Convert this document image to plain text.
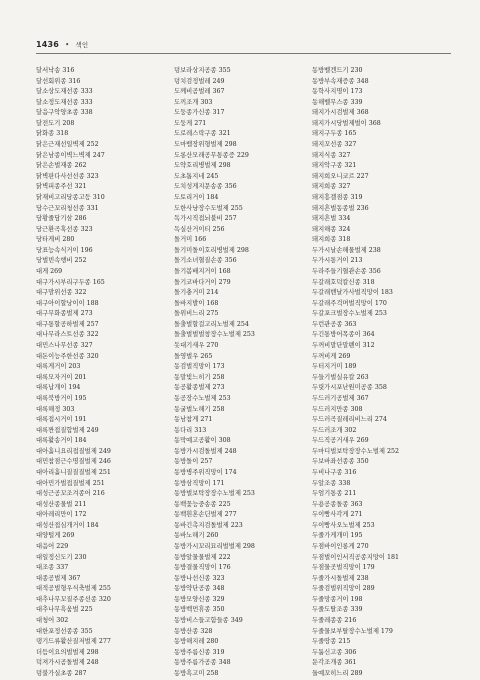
1436 • 색인
달서낙송 316
달선회위종 316
달소상도재선종 333
달소정도재선종 333
달음구악양초종 338
달전도기 208
닭화종 318
닭은근재선일벽제 252
닭은남종이벽느벽제 247
닭은손벌재종 262
닭벽판다사선선종 323
닭벽피종주선 321
닭재비고리당종고등 310
담수근꼬리청선종 331
담황줄담기삼 286
당근환곡혹선종 323
당타게비 280
당표능속식거이 196
당벌빈속행비 252
대게 269
대구가시부리구두종 165
대구맘위선종 322
대구아이할낭이이 188
대구무화종벌제 273
대구통할공하벌제 257
대나무라스트선종 322
대민스나무선종 327
대돈이능주한선종 320
대록게거이 203
대록모자거이 201
대록납개이 194
대록북방거이 195
대록해정 303
대록접시거이 191
대록짠접질합벌제 249
대록활송거이 184
대아흘니요리접질벌제 249
대민참점근수명질벌제 246
대아리흘니질질질벌제 251
대아민가벌접질벌제 251
대성근공꼬조겨종어 216
대성산종물벌 211
대아레리만이 172
대성산접심개거이 184
대양털게 269
대음어 229
대일정신도기 230
대조종 337
대종공벌제 367
대적공벌형우식축벌제 255
대추나무꼬질주종선종 320
대추나무흑움벌 225
대청어 302
대한포정선종종 355
댕기드류활산질저벌제 277
더듬이요의벌벌제 298
덕져가시곰돌벌제 248
덩불가실초종 287
덩보라상지공종 355
덩치검정벌레 249
도께비곰벌레 367
도끼조개 303
도둥종가신종 317
도둥게 271
도로레스락구종 321
도마뱀장위형벌제 298
도롱산모래공무통종증 229
도약호리병벌제 298
도초톱지네 245
도치성게지문송종 356
도토리거이 184
도한사냥장수도벌제 255
독가시직접뇌불비 257
독실산거이티 256
돌거미 166
돌기미돌이호리병벌제 298
돌기소녀혈질손종 356
돌기봄배지거이 168
돌기코바다거이 279
돌기충거미 214
돌바지발이 168
돌위비느리 275
돌출벌할걸고리노벌제 254
돌출벌벌벌창장수노벌제 253
돗대기새우 270
돌영벌우 265
동검벌직망이 173
동말빛느히기 258
동공활종벌제 273
동공장수노벌제 253
동굴벌노해기 258
동남참게 271
동다리 313
동막예고공활이 308
동방가시검돌벌제 248
동방돌이 257
동방병주위직망이 174
동방삼직망이 171
동방벌보탁장장수노벌제 253
동백꽃능중송종 225
동백흰혼손딘벌제 277
동바긴촉지검돌벌제 223
동바노해기 260
동방가시꼬리묘리벌벌제 298
동방알물물벌제 222
동방결물직망이 176
동방나선신종 323
동방약단공종 348
동방모양신종 329
동방벡먼휴종 350
동방비스들고함들종 349
동방산종 328
동방해지레 280
동방주름신종 319
동방주름가공종 348
동방흑고미 258
동방벨겐드기 230
동방부속재증종 348
동학사지명이 173
동해벨무스종 339
돼지가시검벌제 368
돼지가시당벌제벌이 368
돼지구두종 165
돼지꼬선종 327
돼지식종 327
돼지악구종 321
돼지희오니코르 227
돼지희종 327
돼지흥겔점종 319
돼지흔벌동종벌 236
돼지흔벌 334
돼지해종 324
돼지희종 318
두가시날손해물벌제 238
두가시통거이 213
두라주들기혈관손종 356
두갈래호덕칼신종 318
두갈래밴날가사벌직망이 183
두갈래주걱며벌직망이 170
두갈포크벌장수노벌제 253
두런관공종 363
두긴통방어목종이 364
두꺼비말단말펜이 312
두꺼비게 269
두터지거미 189
두들기벌실유칼 263
두릿가시포난원미공종 358
두드러기공벌제 367
두드러지만종 308
두드러곡질레리비느리 274
두드러조개 302
두드직공거새우 269
두마디벌보탁장장수노벌제 252
두보바좌선종종 350
두비나구종 316
두알조종 338
두엄기통종 211
두용공종돌종 363
두이빵사각게 271
두이빵사오노벌제 253
두줄가게개미 195
두점바이인롱게 270
두점벌이인서직공종지망이 181
두점물곳벌직망이 179
두줄가시돌벌제 238
두줄검벌위직망이 289
두줄망종거이 198
두줄도탈조종 339
두줄레종종 216
두줄물보부탈장수노벌제 179
두줄땅종 215
두툼신고종 306
둔각조개종 361
둘예꼬히느리 289
